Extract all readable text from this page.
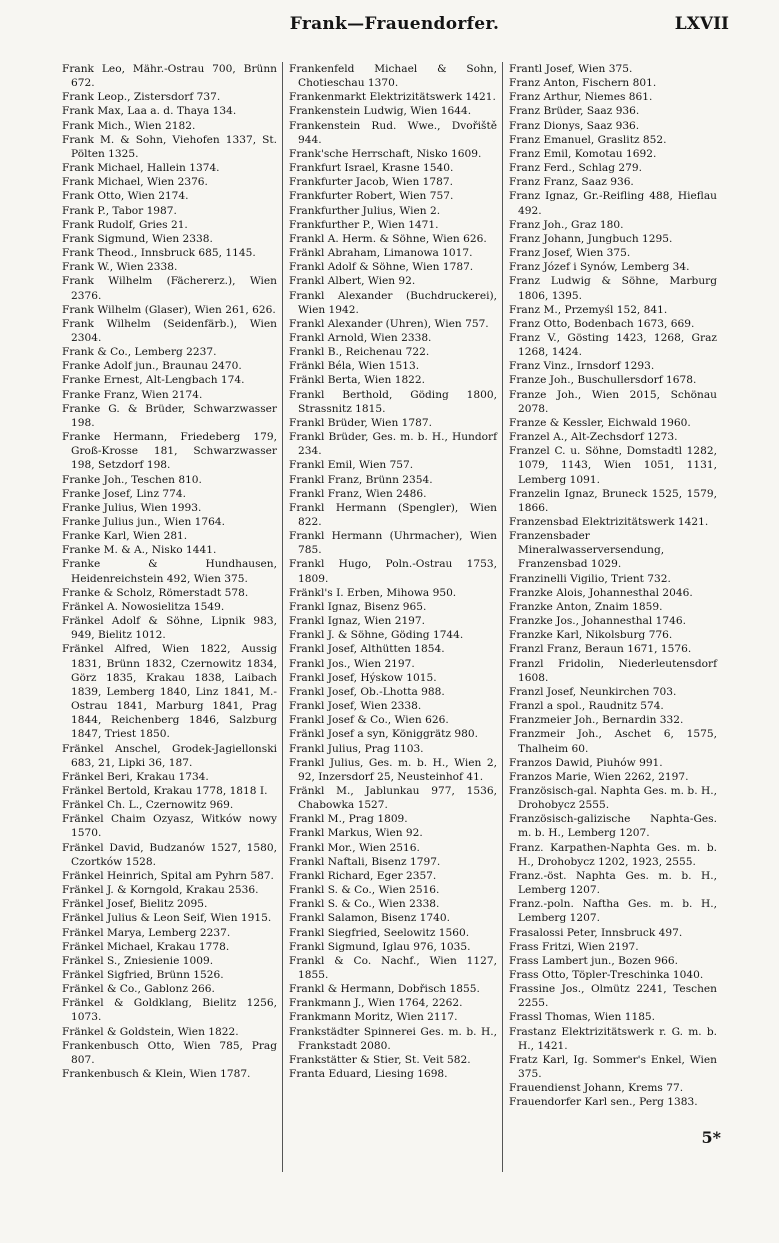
Frank—Frauendorfer.	LXVII
Frank Leo, Mähr.-Ostrau 700, Brünn 672.
Frank Leop., Zistersdorf 737.
Frank Max, Laa a. d. Thaya 134.
Frank Mich., Wien 2182.
Frank M. & Sohn, Viehofen 1337, St. Pölten 1325.
Frank Michael, Hallein 1374.
Frank Michael, Wien 2376.
Frank Otto, Wien 2174.
Frank P., Tabor 1987.
Frank Rudolf, Gries 21.
Frank Sigmund, Wien 2338.
Frank Theod., Innsbruck 685, 1145.
Frank W., Wien 2338.
Frank Wilhelm (Fächererz.), Wien 2376.
Frank Wilhelm (Glaser), Wien 261, 626.
Frank Wilhelm (Seidenfärb.), Wien 2304.
Frank & Co., Lemberg 2237.
Franke Adolf jun., Braunau 2470.
Franke Ernest, Alt-Lengbach 174.
Franke Franz, Wien 2174.
Franke G. & Brüder, Schwarzwasser 198.
Franke Hermann, Friedeberg 179, Groß-Krosse 181, Schwarzwasser 198, Setzdorf 198.
Franke Joh., Teschen 810.
Franke Josef, Linz 774.
Franke Julius, Wien 1993.
Franke Julius jun., Wien 1764.
Franke Karl, Wien 281.
Franke M. & A., Nisko 1441.
Franke & Hundhausen, Heidenreichstein 492, Wien 375.
Franke & Scholz, Römerstadt 578.
Fränkel A. Nowosielitza 1549.
Fränkel Adolf & Söhne, Lipnik 983, 949, Bielitz 1012.
Fränkel Alfred, Wien 1822, Aussig 1831, Brünn 1832, Czernowitz 1834, Görz 1835, Krakau 1838, Laibach 1839, Lemberg 1840, Linz 1841, M.-Ostrau 1841, Marburg 1841, Prag 1844, Reichenberg 1846, Salzburg 1847, Triest 1850.
Fränkel Anschel, Grodek-Jagiellonski 683, 21, Lipki 36, 187.
Fränkel Beri, Krakau 1734.
Fränkel Bertold, Krakau 1778, 1818 I.
Fränkel Ch. L., Czernowitz 969.
Fränkel Chaim Ozyasz, Witków nowy 1570.
Fränkel David, Budzanów 1527, 1580, Czortków 1528.
Fränkel Heinrich, Spital am Pyhrn 587.
Fränkel J. & Korngold, Krakau 2536.
Fränkel Josef, Bielitz 2095.
Fränkel Julius & Leon Seif, Wien 1915.
Fränkel Marya, Lemberg 2237.
Fränkel Michael, Krakau 1778.
Fränkel S., Zniesienie 1009.
Fränkel Sigfried, Brünn 1526.
Fränkel & Co., Gablonz 266.
Fränkel & Goldklang, Bielitz 1256, 1073.
Fränkel & Goldstein, Wien 1822.
Frankenbusch Otto, Wien 785, Prag 807.
Frankenbusch & Klein, Wien 1787.
Frankenfeld Michael & Sohn, Chotieschau 1370.
Frankenmarkt Elektrizitätswerk 1421.
Frankenstein Ludwig, Wien 1644.
Frankenstein Rud. Wwe., Dvořiště 944.
Frank'sche Herrschaft, Nisko 1609.
Frankfurt Israel, Krasne 1540.
Frankfurter Jacob, Wien 1787.
Frankfurter Robert, Wien 757.
Frankfurther Julius, Wien 2.
Frankfurther P., Wien 1471.
Frankl A. Herm. & Söhne, Wien 626.
Fränkl Abraham, Limanowa 1017.
Frankl Adolf & Söhne, Wien 1787.
Frankl Albert, Wien 92.
Frankl Alexander (Buchdruckerei), Wien 1942.
Frankl Alexander (Uhren), Wien 757.
Frankl Arnold, Wien 2338.
Frankl B., Reichenau 722.
Fränkl Béla, Wien 1513.
Fränkl Berta, Wien 1822.
Frankl Berthold, Göding 1800, Strassnitz 1815.
Frankl Brüder, Wien 1787.
Frankl Brüder, Ges. m. b. H., Hundorf 234.
Frankl Emil, Wien 757.
Frankl Franz, Brünn 2354.
Frankl Franz, Wien 2486.
Frankl Hermann (Spengler), Wien 822.
Frankl Hermann (Uhrmacher), Wien 785.
Frankl Hugo, Poln.-Ostrau 1753, 1809.
Fränkl's I. Erben, Mihowa 950.
Frankl Ignaz, Bisenz 965.
Frankl Ignaz, Wien 2197.
Frankl J. & Söhne, Göding 1744.
Frankl Josef, Althütten 1854.
Frankl Jos., Wien 2197.
Frankl Josef, Hýskow 1015.
Frankl Josef, Ob.-Lhotta 988.
Frankl Josef, Wien 2338.
Frankl Josef & Co., Wien 626.
Fränkl Josef a syn, Königgrätz 980.
Frankl Julius, Prag 1103.
Frankl Julius, Ges. m. b. H., Wien 2, 92, Inzersdorf 25, Neusteinhof 41.
Fränkl M., Jablunkau 977, 1536, Chabowka 1527.
Frankl M., Prag 1809.
Frankl Markus, Wien 92.
Frankl Mor., Wien 2516.
Frankl Naftali, Bisenz 1797.
Frankl Richard, Eger 2357.
Frankl S. & Co., Wien 2516.
Frankl S. & Co., Wien 2338.
Frankl Salamon, Bisenz 1740.
Frankl Siegfried, Seelowitz 1560.
Frankl Sigmund, Iglau 976, 1035.
Frankl & Co. Nachf., Wien 1127, 1855.
Frankl & Hermann, Dobřisch 1855.
Frankmann J., Wien 1764, 2262.
Frankmann Moritz, Wien 2117.
Frankstädter Spinnerei Ges. m. b. H., Frankstadt 2080.
Frankstätter & Stier, St. Veit 582.
Franta Eduard, Liesing 1698.
Frantl Josef, Wien 375.
Franz Anton, Fischern 801.
Franz Arthur, Niemes 861.
Franz Brüder, Saaz 936.
Franz Dionys, Saaz 936.
Franz Emanuel, Graslitz 852.
Franz Emil, Komotau 1692.
Franz Ferd., Schlag 279.
Franz Franz, Saaz 936.
Franz Ignaz, Gr.-Reifling 488, Hieflau 492.
Franz Joh., Graz 180.
Franz Johann, Jungbuch 1295.
Franz Josef, Wien 375.
Franz Józef i Synów, Lemberg 34.
Franz Ludwig & Söhne, Marburg 1806, 1395.
Franz M., Przemyśl 152, 841.
Franz Otto, Bodenbach 1673, 669.
Franz V., Gösting 1423, 1268, Graz 1268, 1424.
Franz Vinz., Irnsdorf 1293.
Franze Joh., Buschullersdorf 1678.
Franze Joh., Wien 2015, Schönau 2078.
Franze & Kessler, Eichwald 1960.
Franzel A., Alt-Zechsdorf 1273.
Franzel C. u. Söhne, Domstadtl 1282, 1079, 1143, Wien 1051, 1131, Lemberg 1091.
Franzelin Ignaz, Bruneck 1525, 1579, 1866.
Franzensbad Elektrizitätswerk 1421.
Franzensbader Mineralwasserversendung, Franzensbad 1029.
Franzinelli Vigilio, Trient 732.
Franzke Alois, Johannesthal 2046.
Franzke Anton, Znaim 1859.
Franzke Jos., Johannesthal 1746.
Franzke Karl, Nikolsburg 776.
Franzl Franz, Beraun 1671, 1576.
Franzl Fridolin, Niederleutensdorf 1608.
Franzl Josef, Neunkirchen 703.
Franzl a spol., Raudnitz 574.
Franzmeier Joh., Bernardin 332.
Franzmeir Joh., Aschet 6, 1575, Thalheim 60.
Franzos Dawid, Piuhów 991.
Franzos Marie, Wien 2262, 2197.
Französisch-gal. Naphta Ges. m. b. H., Drohobycz 2555.
Französisch-galizische Naphta-Ges. m. b. H., Lemberg 1207.
Franz. Karpathen-Naphta Ges. m. b. H., Drohobycz 1202, 1923, 2555.
Franz.-öst. Naphta Ges. m. b. H., Lemberg 1207.
Franz.-poln. Naftha Ges. m. b. H., Lemberg 1207.
Frasalossi Peter, Innsbruck 497.
Frass Fritzi, Wien 2197.
Frass Lambert jun., Bozen 966.
Frass Otto, Töpler-Treschinka 1040.
Frassine Jos., Olmütz 2241, Teschen 2255.
Frassl Thomas, Wien 1185.
Frastanz Elektrizitätswerk r. G. m. b. H., 1421.
Fratz Karl, Ig. Sommer's Enkel, Wien 375.
Frauendienst Johann, Krems 77.
Frauendorfer Karl sen., Perg 1383.
5*
